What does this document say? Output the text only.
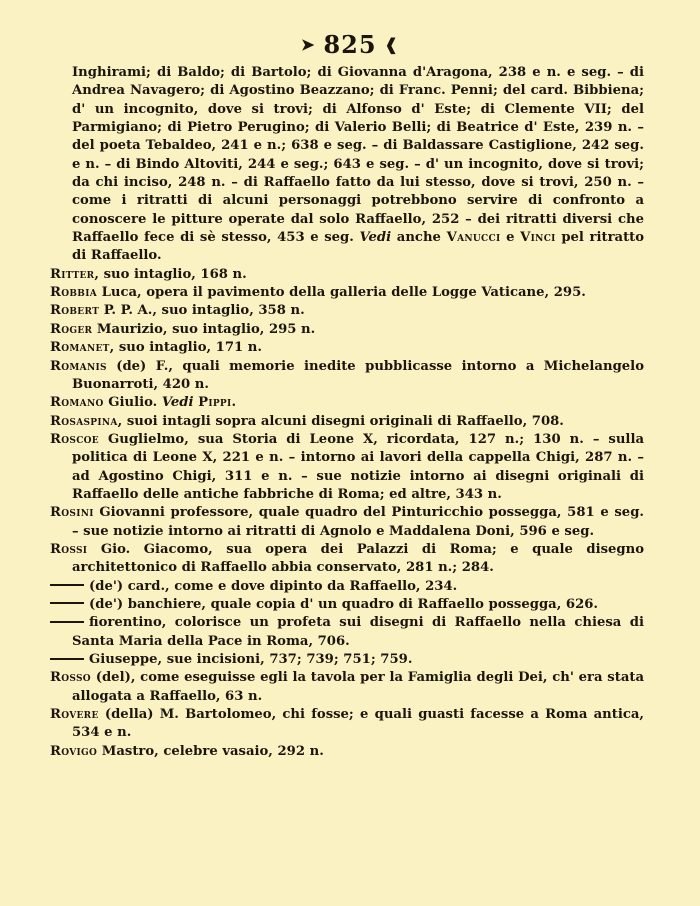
➤ 825 ❰
Inghirami; di Baldo; di Bartolo; di Giovanna d'Aragona, 238 e n. e seg. – di Andrea Navagero; di Agostino Beazzano; di Franc. Penni; del card. Bibbiena; d' un incognito, dove si trovi; di Alfonso d' Este; di Clemente VII; del Parmigiano; di Pietro Perugino; di Valerio Belli; di Beatrice d' Este, 239 n. – del poeta Tebaldeo, 241 e n.; 638 e seg. – di Baldassare Castiglione, 242 seg. e n. – di Bindo Altoviti, 244 e seg.; 643 e seg. – d' un incognito, dove si trovi; da chi inciso, 248 n. – di Raffaello fatto da lui stesso, dove si trovi, 250 n. – come i ritratti di alcuni personaggi potrebbono servire di confronto a conoscere le pitture operate dal solo Raffaello, 252 – dei ritratti diversi che Raffaello fece di sè stesso, 453 e seg. Vedi anche Vanucci e Vinci pel ritratto di Raffaello.
Ritter, suo intaglio, 168 n.
Robbia Luca, opera il pavimento della galleria delle Logge Vaticane, 295.
Robert P. P. A., suo intaglio, 358 n.
Roger Maurizio, suo intaglio, 295 n.
Romanet, suo intaglio, 171 n.
Romanis (de) F., quali memorie inedite pubblicasse intorno a Michelangelo Buonarroti, 420 n.
Romano Giulio. Vedi Pippi.
Rosaspina, suoi intagli sopra alcuni disegni originali di Raffaello, 708.
Roscoe Guglielmo, sua Storia di Leone X, ricordata, 127 n.; 130 n. – sulla politica di Leone X, 221 e n. – intorno ai lavori della cappella Chigi, 287 n. – ad Agostino Chigi, 311 e n. – sue notizie intorno ai disegni originali di Raffaello delle antiche fabbriche di Roma; ed altre, 343 n.
Rosini Giovanni professore, quale quadro del Pinturicchio possegga, 581 e seg. – sue notizie intorno ai ritratti di Agnolo e Maddalena Doni, 596 e seg.
Rossi Gio. Giacomo, sua opera dei Palazzi di Roma; e quale disegno architettonico di Raffaello abbia conservato, 281 n.; 284.
(de') card., come e dove dipinto da Raffaello, 234.
(de') banchiere, quale copia d' un quadro di Raffaello possegga, 626.
fiorentino, colorisce un profeta sui disegni di Raffaello nella chiesa di Santa Maria della Pace in Roma, 706.
Giuseppe, sue incisioni, 737; 739; 751; 759.
Rosso (del), come eseguisse egli la tavola per la Famiglia degli Dei, ch' era stata allogata a Raffaello, 63 n.
Rovere (della) M. Bartolomeo, chi fosse; e quali guasti facesse a Roma antica, 534 e n.
Rovigo Mastro, celebre vasaio, 292 n.
